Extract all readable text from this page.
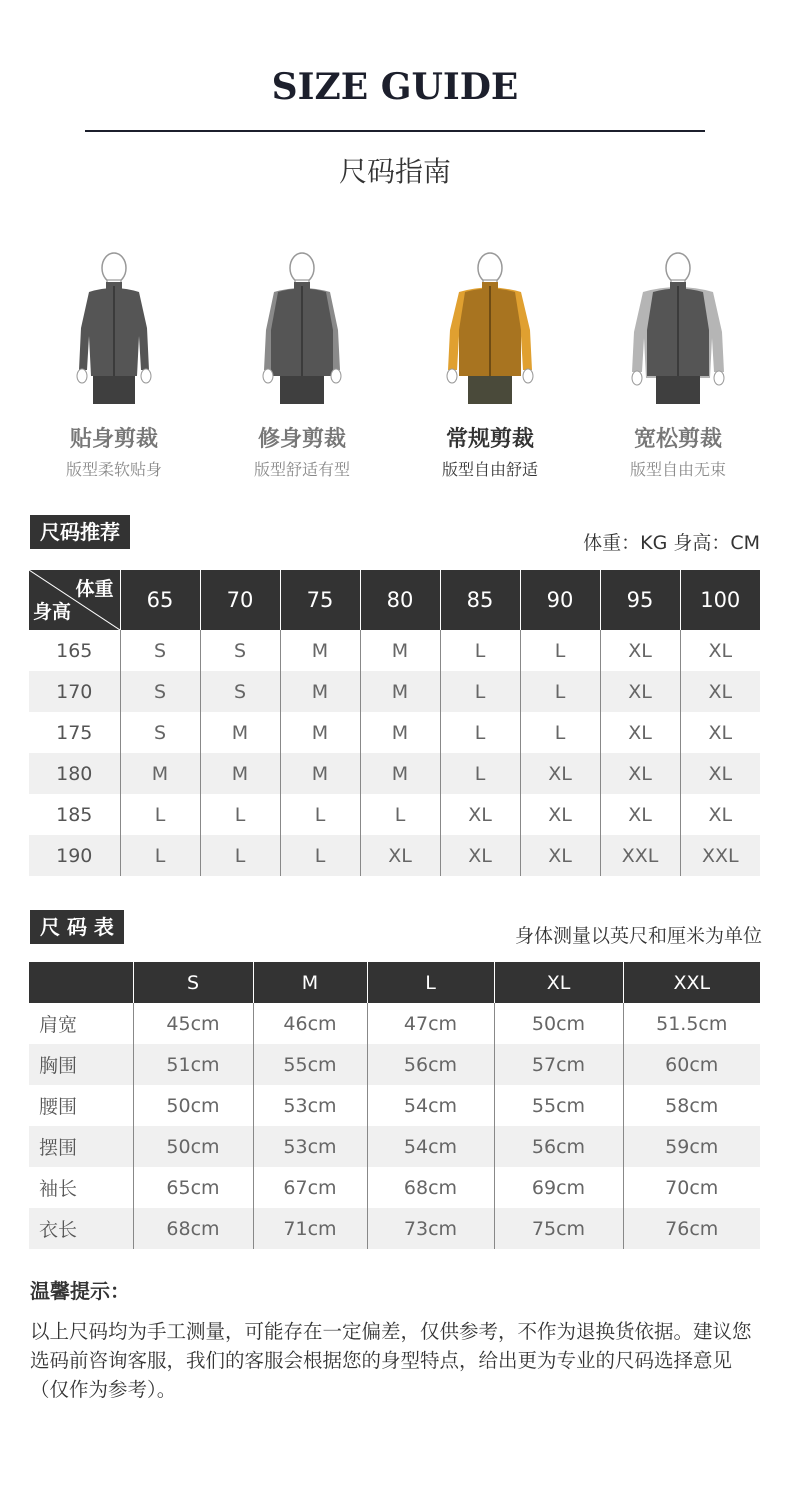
SIZE GUIDE
尺码指南
贴身剪裁
版型柔软贴身
修身剪裁
版型舒适有型
常规剪裁
版型自由舒适
宽松剪裁
版型自由无束
尺码推荐	体重：KG 身高：CM
体重
身高	65	70	75	80	85	90	95	100
165	S	S	M	M	L	L	XL	XL
170	S	S	M	M	L	L	XL	XL
175	S	M	M	M	L	L	XL	XL
180	M	M	M	M	L	XL	XL	XL
185	L	L	L	L	XL	XL	XL	XL
190	L	L	L	XL	XL	XL	XXL	XXL
尺 码 表	身体测量以英尺和厘米为单位
	S	M	L	XL	XXL
肩宽	45cm	46cm	47cm	50cm	51.5cm
胸围	51cm	55cm	56cm	57cm	60cm
腰围	50cm	53cm	54cm	55cm	58cm
摆围	50cm	53cm	54cm	56cm	59cm
袖长	65cm	67cm	68cm	69cm	70cm
衣长	68cm	71cm	73cm	75cm	76cm
温馨提示：
以上尺码均为手工测量，可能存在一定偏差，仅供参考，不作为退换货依据。建议您选码前咨询客服，我们的客服会根据您的身型特点，给出更为专业的尺码选择意见（仅作为参考）。
